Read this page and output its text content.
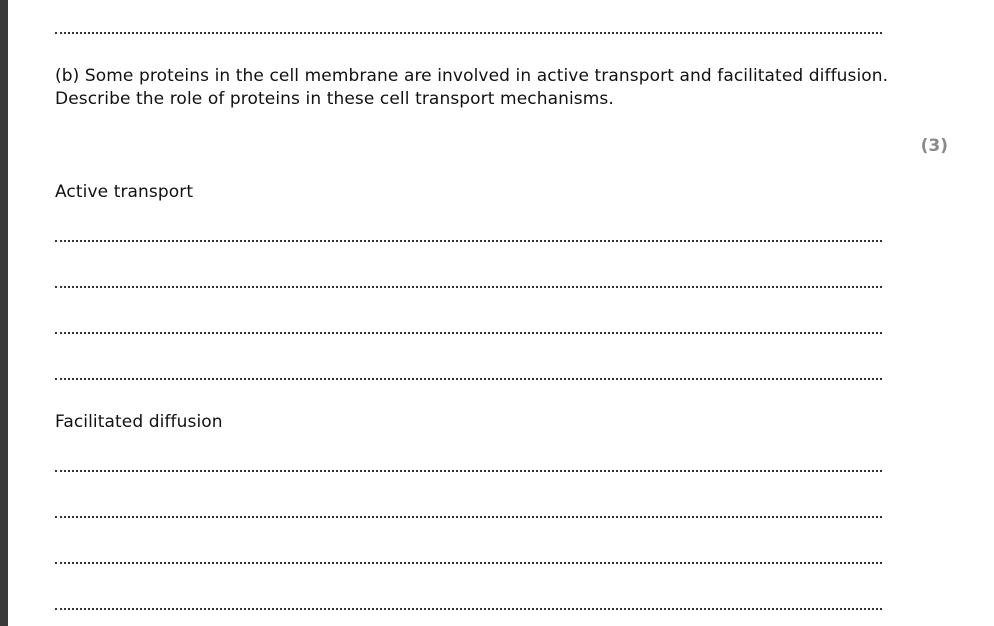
(b) Some proteins in the cell membrane are involved in active transport and facilitated diffusion.
Describe the role of proteins in these cell transport mechanisms.
(3)
Active transport
Facilitated diffusion
